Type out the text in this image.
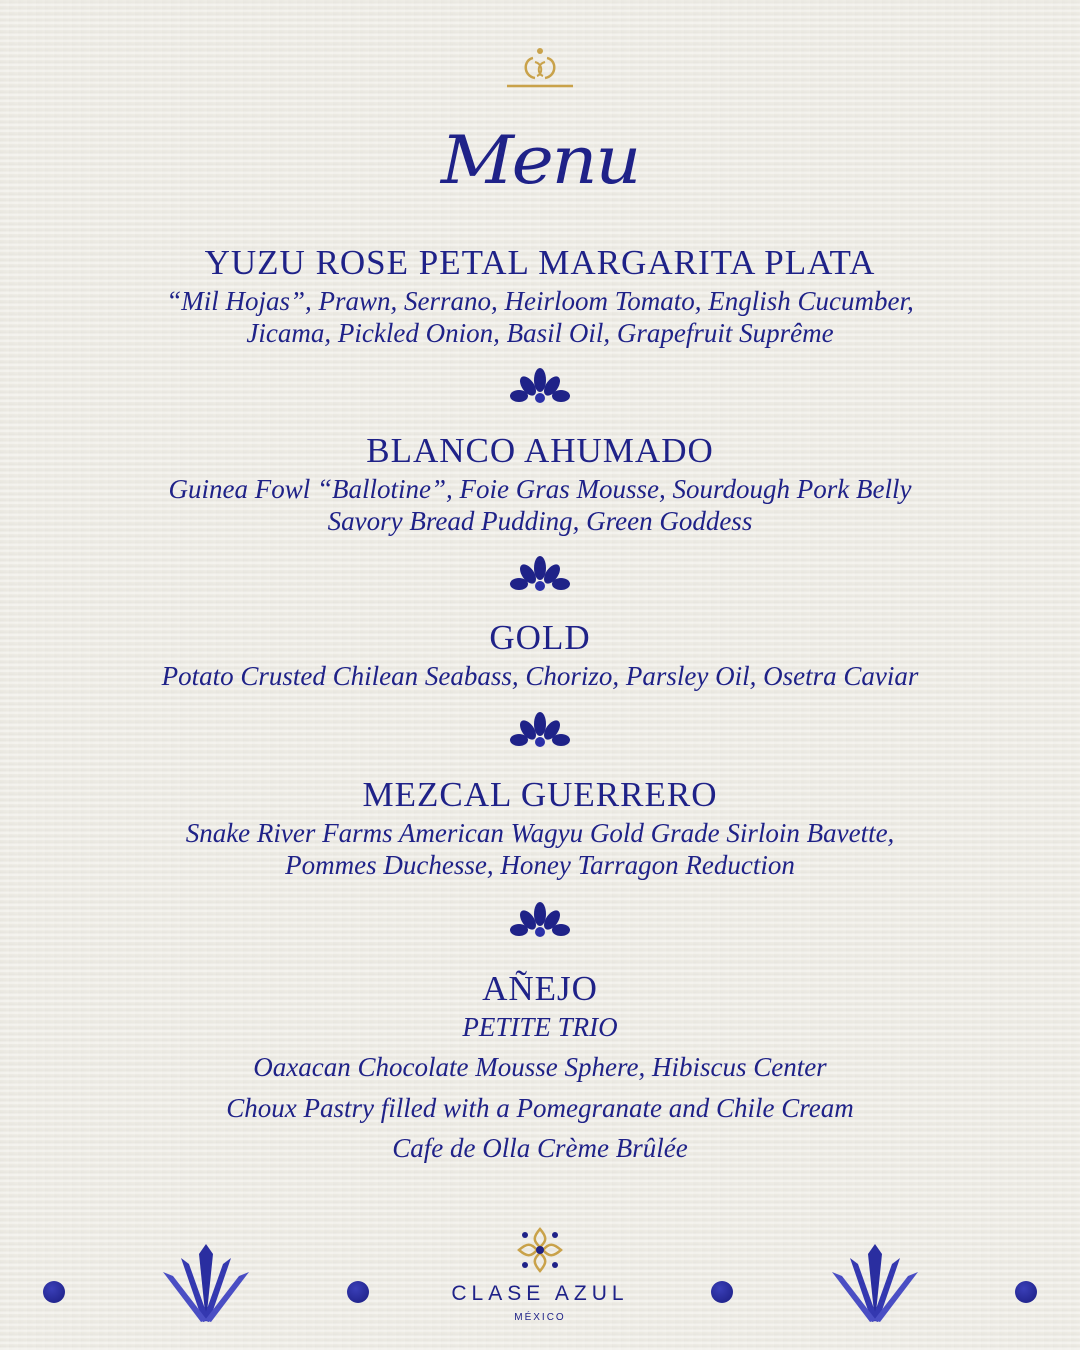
Menu
YUZU ROSE PETAL MARGARITA PLATA
“Mil Hojas”, Prawn, Serrano, Heirloom Tomato, English Cucumber,
Jicama, Pickled Onion, Basil Oil, Grapefruit Suprême
BLANCO AHUMADO
Guinea Fowl “Ballotine”, Foie Gras Mousse, Sourdough Pork Belly
Savory Bread Pudding, Green Goddess
GOLD
Potato Crusted Chilean Seabass, Chorizo, Parsley Oil, Osetra Caviar
MEZCAL GUERRERO
Snake River Farms American Wagyu Gold Grade Sirloin Bavette,
Pommes Duchesse, Honey Tarragon Reduction
AÑEJO
PETITE TRIO
Oaxacan Chocolate Mousse Sphere, Hibiscus Center
Choux Pastry filled with a Pomegranate and Chile Cream
Cafe de Olla Crème Brûlée
CLASE AZUL
MÉXICO
